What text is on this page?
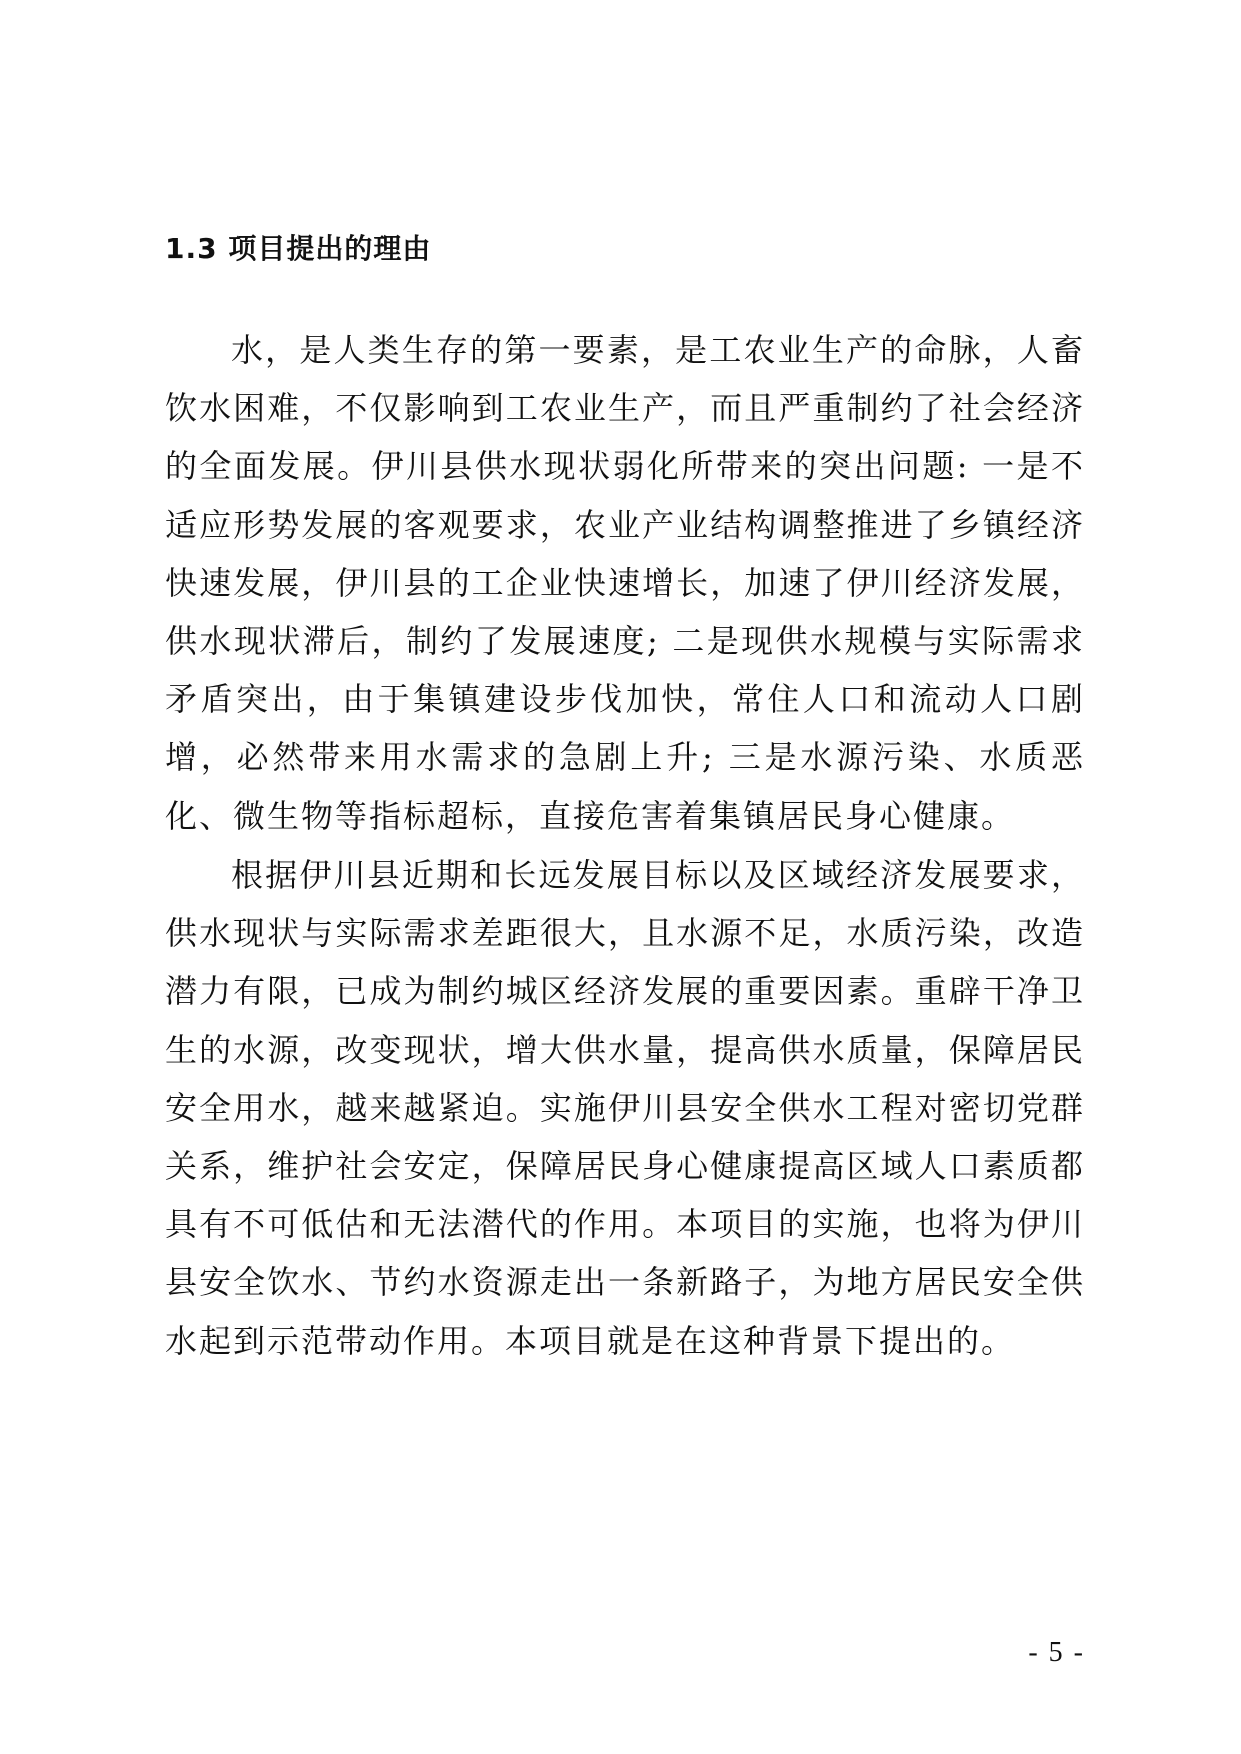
1.3 项目提出的理由

水，是人类生存的第一要素，是工农业生产的命脉，人畜饮水困难，不仅影响到工农业生产，而且严重制约了社会经济的全面发展。伊川县供水现状弱化所带来的突出问题: 一是不适应形势发展的客观要求，农业产业结构调整推进了乡镇经济快速发展，伊川县的工企业快速增长，加速了伊川经济发展，供水现状滞后，制约了发展速度; 二是现供水规模与实际需求矛盾突出，由于集镇建设步伐加快，常住人口和流动人口剧增，必然带来用水需求的急剧上升; 三是水源污染、水质恶化、微生物等指标超标，直接危害着集镇居民身心健康。

根据伊川县近期和长远发展目标以及区域经济发展要求，供水现状与实际需求差距很大，且水源不足，水质污染，改造潜力有限，已成为制约城区经济发展的重要因素。重辟干净卫生的水源，改变现状，增大供水量，提高供水质量，保障居民安全用水，越来越紧迫。实施伊川县安全供水工程对密切党群关系，维护社会安定，保障居民身心健康提高区域人口素质都具有不可低估和无法潜代的作用。本项目的实施，也将为伊川县安全饮水、节约水资源走出一条新路子，为地方居民安全供水起到示范带动作用。本项目就是在这种背景下提出的。

- 5 -
